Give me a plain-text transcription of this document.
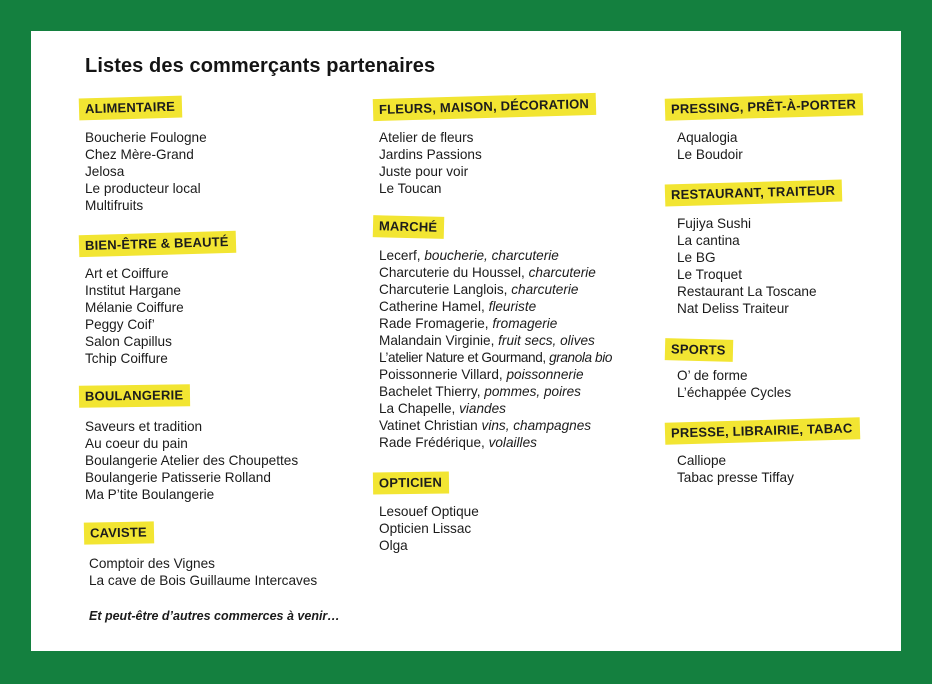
Listes des commerçants partenaires
ALIMENTAIRE
Boucherie Foulogne
Chez Mère-Grand
Jelosa
Le producteur local
Multifruits
BIEN-ÊTRE & BEAUTÉ
Art et Coiffure
Institut Hargane
Mélanie Coiffure
Peggy Coif’
Salon Capillus
Tchip Coiffure
BOULANGERIE
Saveurs et tradition
Au coeur du pain
Boulangerie Atelier des Choupettes
Boulangerie Patisserie Rolland
Ma P’tite Boulangerie
CAVISTE
Comptoir des Vignes
La cave de Bois Guillaume Intercaves
FLEURS, MAISON, DÉCORATION
Atelier de fleurs
Jardins Passions
Juste pour voir
Le Toucan
MARCHÉ
Lecerf, boucherie, charcuterie
Charcuterie du Houssel, charcuterie
Charcuterie Langlois, charcuterie
Catherine Hamel, fleuriste
Rade Fromagerie, fromagerie
Malandain Virginie, fruit secs, olives
L’atelier Nature et Gourmand, granola bio
Poissonnerie Villard, poissonnerie
Bachelet Thierry, pommes, poires
La Chapelle, viandes
Vatinet Christian vins, champagnes
Rade Frédérique, volailles
OPTICIEN
Lesouef Optique
Opticien Lissac
Olga
PRESSING, PRÊT-À-PORTER
Aqualogia
Le Boudoir
RESTAURANT, TRAITEUR
Fujiya Sushi
La cantina
Le BG
Le Troquet
Restaurant La Toscane
Nat Deliss Traiteur
SPORTS
O’ de forme
L’échappée Cycles
PRESSE, LIBRAIRIE, TABAC
Calliope
Tabac presse Tiffay
Et peut-être d’autres commerces à venir…
